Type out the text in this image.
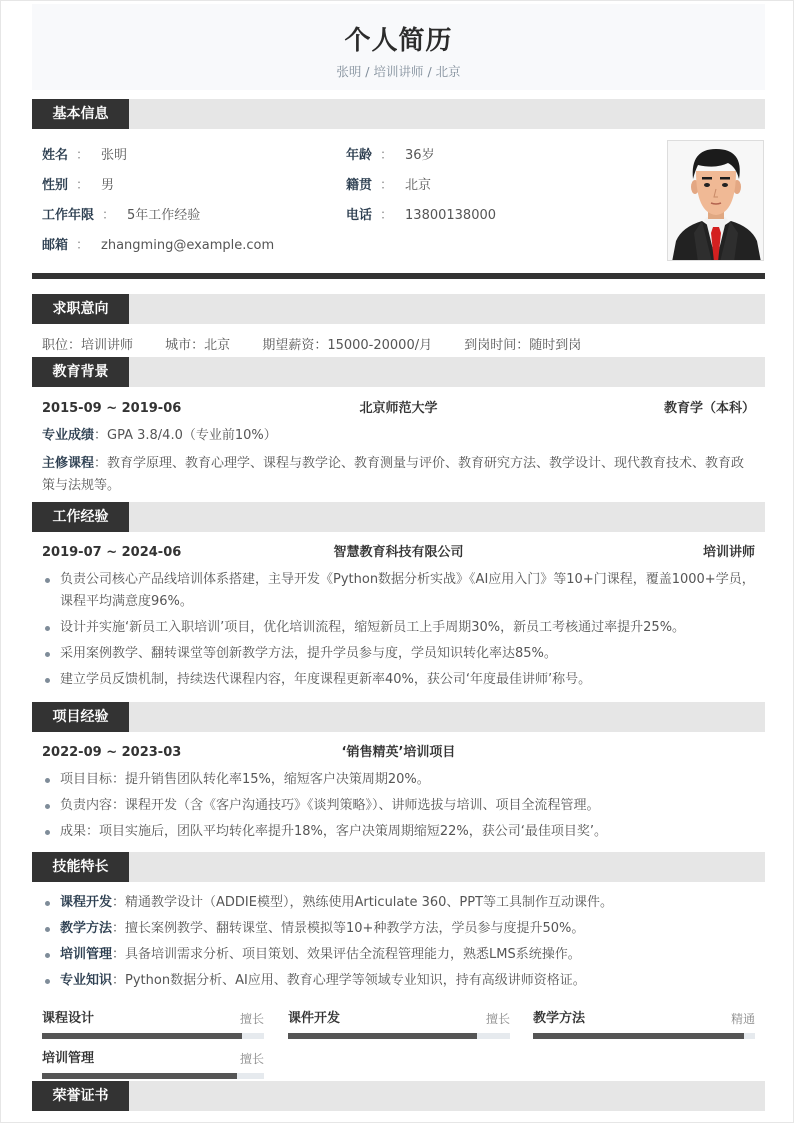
个人简历
张明 / 培训讲师 / 北京
基本信息
姓名 ： 张明	年龄 ： 36岁
性别 ： 男	籍贯 ： 北京
工作年限 ： 5年工作经验	电话 ： 13800138000
邮箱 ： zhangming@example.com
求职意向
职位：培训讲师 城市：北京 期望薪资：15000-20000/月 到岗时间：随时到岗
教育背景
2015-09 ~ 2019-06	北京师范大学	教育学（本科）
专业成绩：GPA 3.8/4.0（专业前10%）
主修课程：教育学原理、教育心理学、课程与教学论、教育测量与评价、教育研究方法、教学设计、现代教育技术、教育政策与法规等。
工作经验
2019-07 ~ 2024-06	智慧教育科技有限公司	培训讲师
负责公司核心产品线培训体系搭建，主导开发《Python数据分析实战》《AI应用入门》等10+门课程，覆盖1000+学员，课程平均满意度96%。
设计并实施‘新员工入职培训’项目，优化培训流程，缩短新员工上手周期30%，新员工考核通过率提升25%。
采用案例教学、翻转课堂等创新教学方法，提升学员参与度，学员知识转化率达85%。
建立学员反馈机制，持续迭代课程内容，年度课程更新率40%，获公司‘年度最佳讲师’称号。
项目经验
2022-09 ~ 2023-03	‘销售精英’培训项目
项目目标：提升销售团队转化率15%，缩短客户决策周期20%。
负责内容：课程开发（含《客户沟通技巧》《谈判策略》）、讲师选拔与培训、项目全流程管理。
成果：项目实施后，团队平均转化率提升18%，客户决策周期缩短22%，获公司‘最佳项目奖’。
技能特长
课程开发：精通教学设计（ADDIE模型），熟练使用Articulate 360、PPT等工具制作互动课件。
教学方法：擅长案例教学、翻转课堂、情景模拟等10+种教学方法，学员参与度提升50%。
培训管理：具备培训需求分析、项目策划、效果评估全流程管理能力，熟悉LMS系统操作。
专业知识：Python数据分析、AI应用、教育心理学等领域专业知识，持有高级讲师资格证。
课程设计	擅长 课件开发	擅长 教学方法	精通
培训管理	擅长
荣誉证书
